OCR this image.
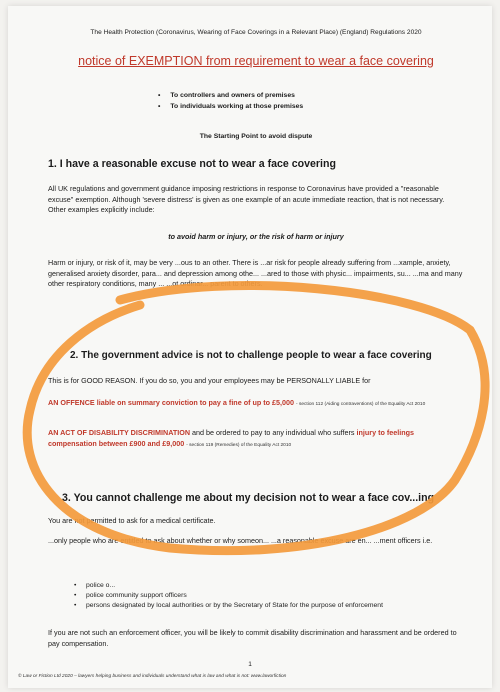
The Health Protection (Coronavirus, Wearing of Face Coverings in a Relevant Place) (England) Regulations 2020
notice of EXEMPTION from requirement to wear a face covering
• To controllers and owners of premises
• To individuals working at those premises
The Starting Point to avoid dispute
1. I have a reasonable excuse not to wear a face covering
All UK regulations and government guidance imposing restrictions in response to Coronavirus have provided a "reasonable excuse" exemption. Although 'severe distress' is given as one example of an acute immediate reaction, that is not necessary. Other examples explicitly include:
to avoid harm or injury, or the risk of harm or injury
Harm or injury, or risk of it, may be very ...ous to an other. There is ...ar risk for people already suffering from ...xample, anxiety, generalised anxiety disorder, para... and depression among othe... ...ared to those with physic... impairments, su... ...ma and many other respiratory conditions, many ... ...ot ordinar... parent to others.
2. The government advice is not to challenge people to wear a face covering
This is for GOOD REASON. If you do so, you and your employees may be PERSONALLY LIABLE for
AN OFFENCE liable on summary conviction to pay a fine of up to £5,000 - section 112 (Aiding contraventions) of the Equality Act 2010
AN ACT OF DISABILITY DISCRIMINATION and be ordered to pay to any individual who suffers injury to feelings compensation between £900 and £9,000 - section 119 (Remedies) of the Equality Act 2010
3. You cannot challenge me about my decision not to wear a face cov...ing
You are not permitted to ask for a medical certificate.
...only people who are entitled to ask about whether or why someon... ...a reasonable excuse are en... ...ment officers i.e.
• police o...
• police community support officers
• persons designated by local authorities or by the Secretary of State for the purpose of enforcement
If you are not such an enforcement officer, you will be likely to commit disability discrimination and harassment and be ordered to pay compensation.
1
© Law or Fiction Ltd 2020 – lawyers helping business and individuals understand what is law and what is not: www.laworfiction
